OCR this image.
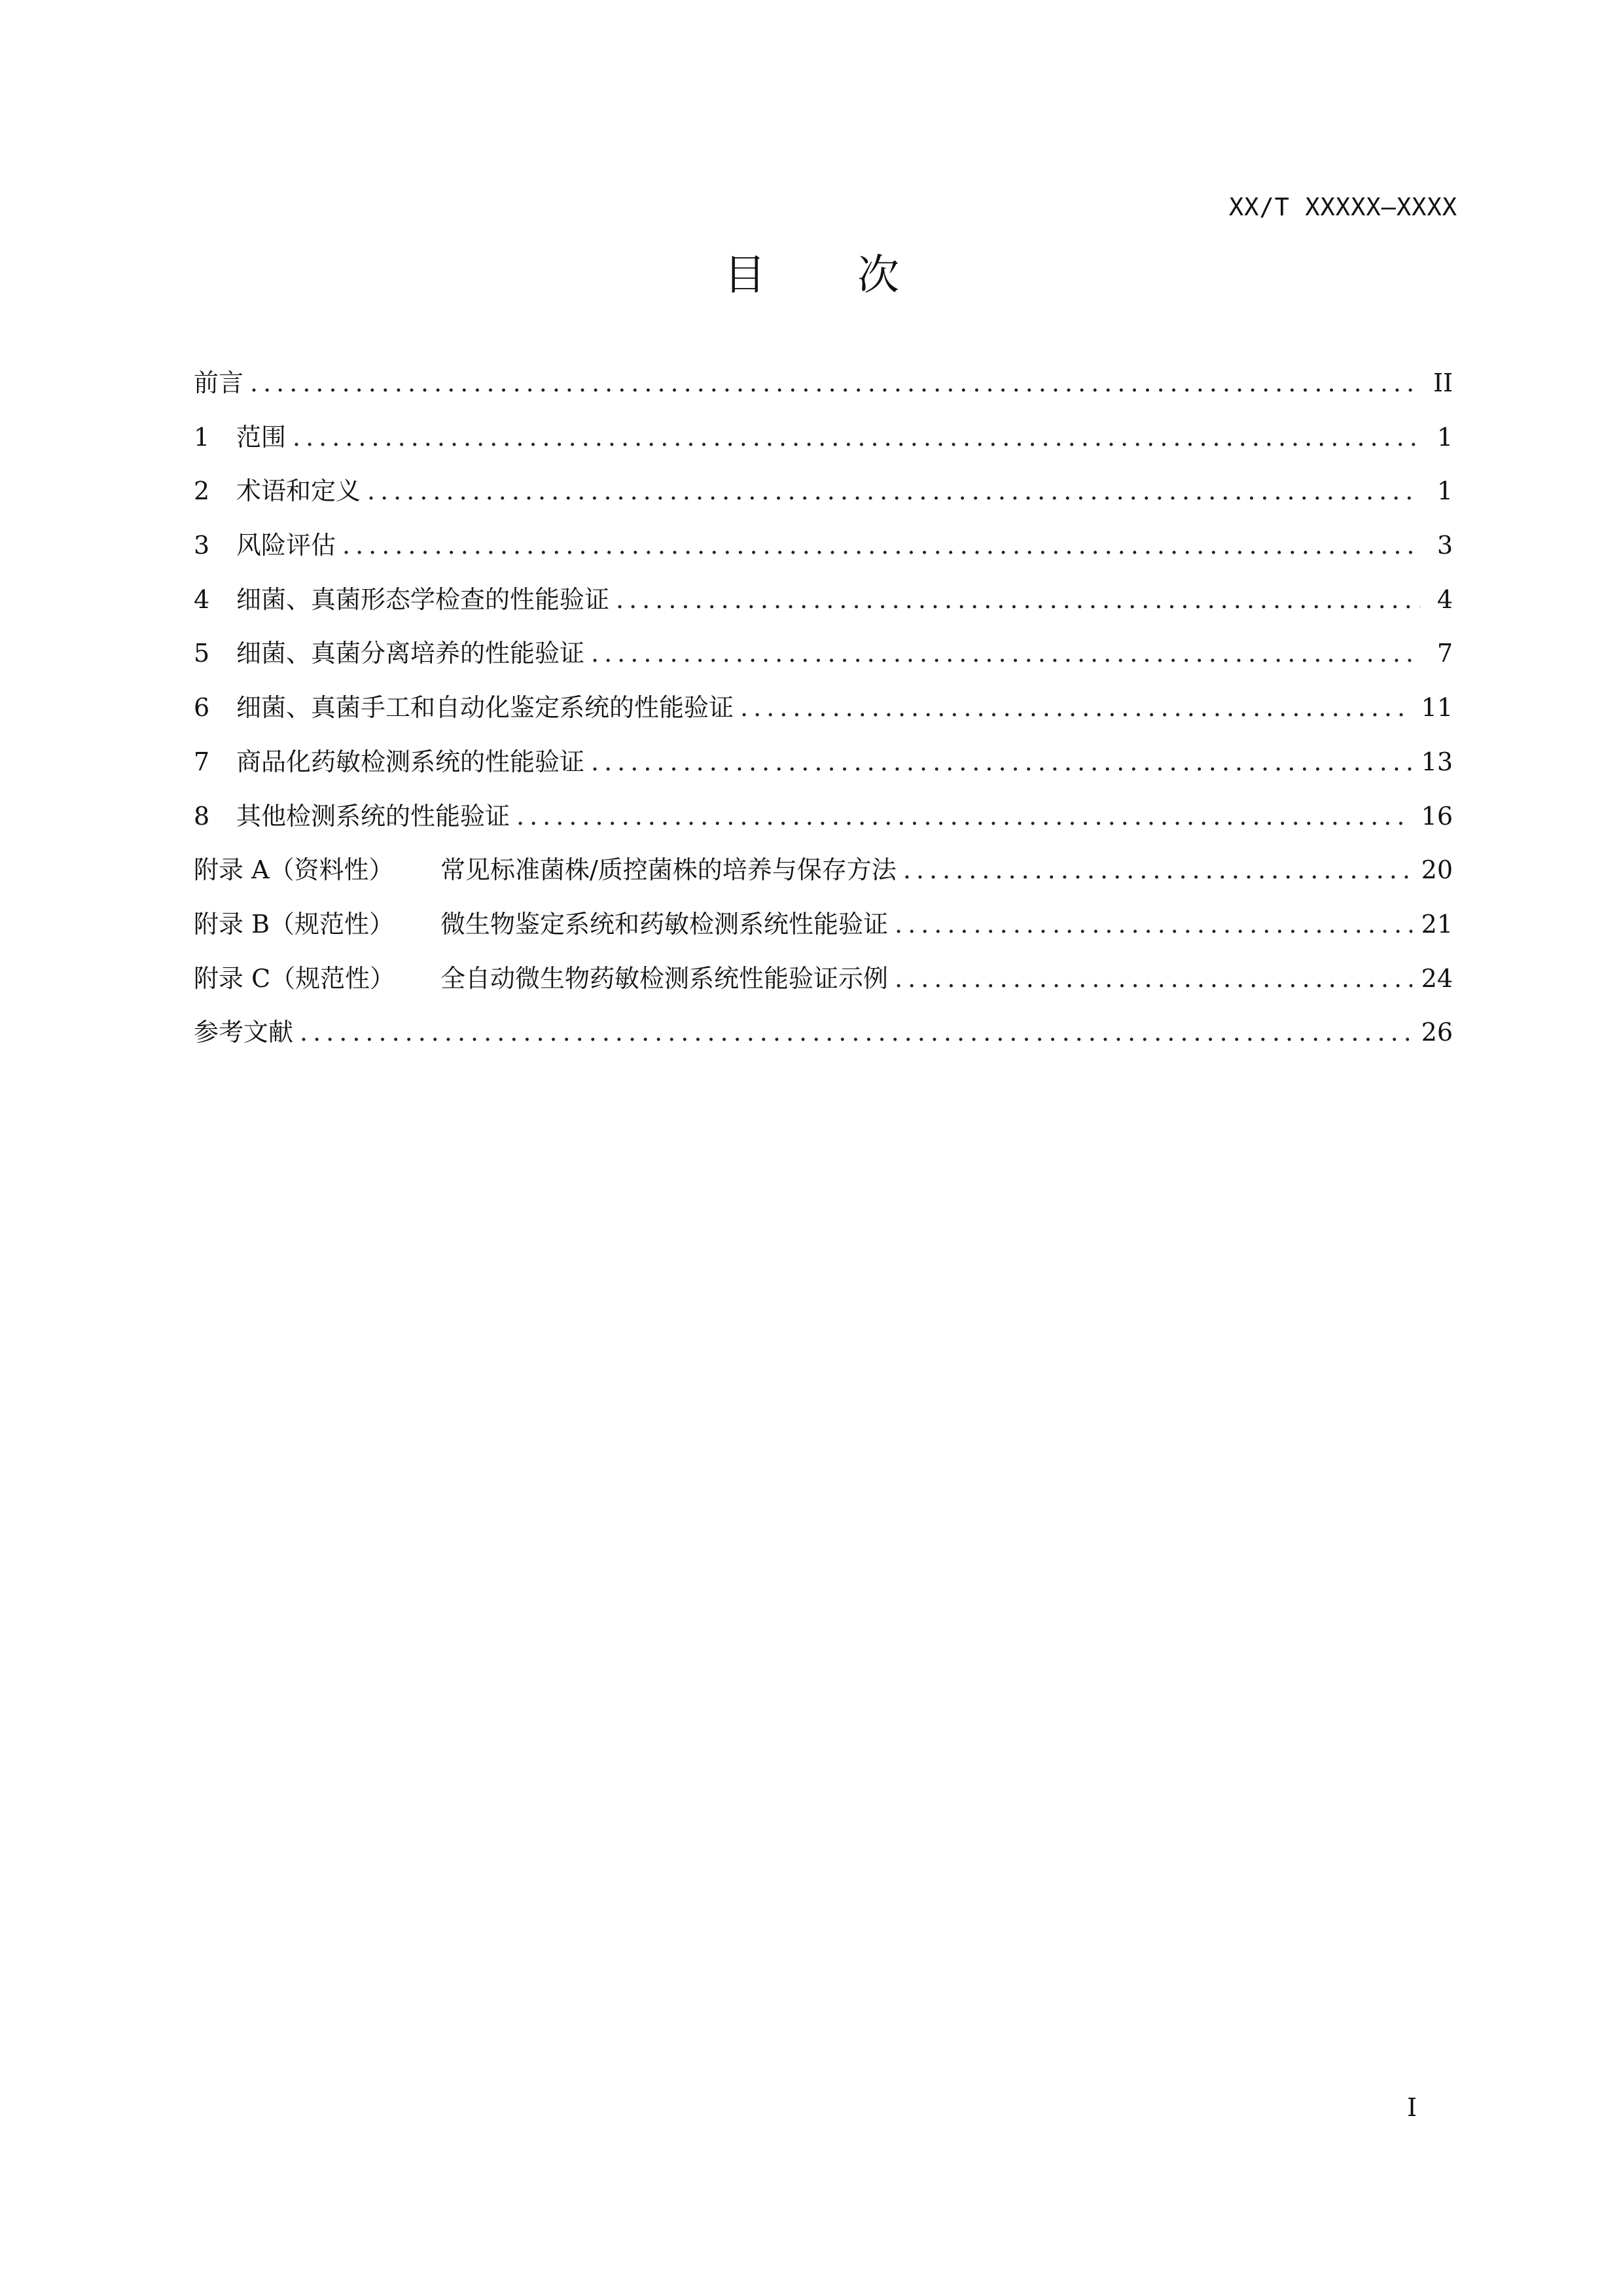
XX/T XXXXX—XXXX
目 次
前言 .....	II
1	范围 .....	1
2	术语和定义 .....	1
3	风险评估 .....	3
4	细菌、真菌形态学检查的性能验证 .....	4
5	细菌、真菌分离培养的性能验证 .....	7
6	细菌、真菌手工和自动化鉴定系统的性能验证 .....	11
7	商品化药敏检测系统的性能验证 .....	13
8	其他检测系统的性能验证 .....	16
附录 A（资料性）	常见标准菌株/质控菌株的培养与保存方法 .....	20
附录 B（规范性）	微生物鉴定系统和药敏检测系统性能验证 .....	21
附录 C（规范性）	全自动微生物药敏检测系统性能验证示例 .....	24
参考文献 .....	26
I
